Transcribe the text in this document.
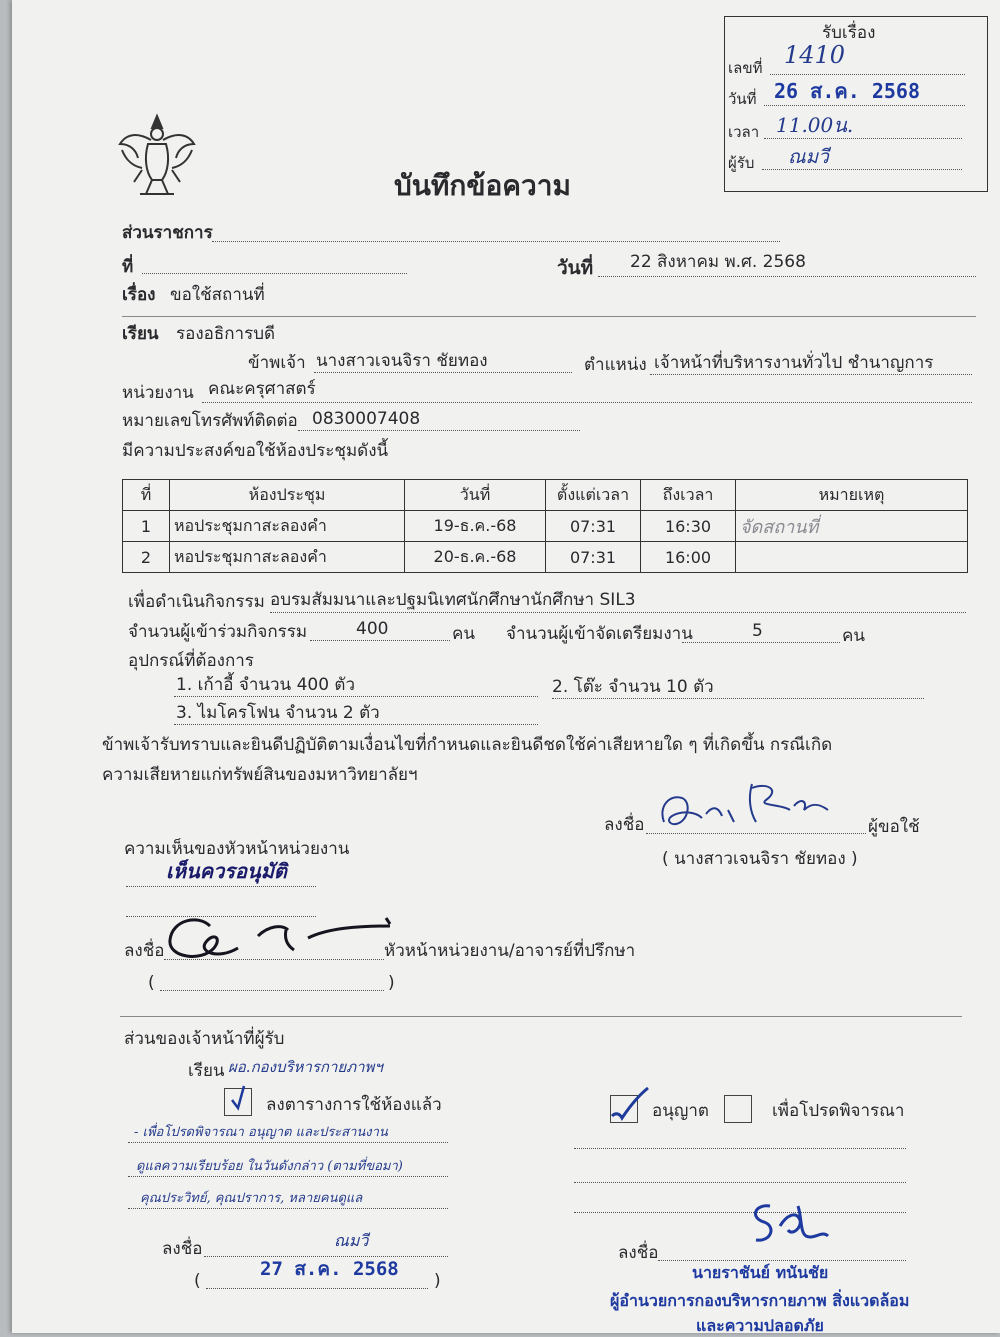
รับเรื่อง
เลขที่ 1410
วันที่ 26 ส.ค. 2568
เวลา 11.00น.
ผู้รับ ณมวี
บันทึกข้อความ
ส่วนราชการ
ที่	วันที่ 22 สิงหาคม พ.ศ. 2568
เรื่อง ขอใช้สถานที่
เรียน รองอธิการบดี
ข้าพเจ้า นางสาวเจนจิรา ชัยทอง	ตำแหน่ง เจ้าหน้าที่บริหารงานทั่วไป ชำนาญการ
หน่วยงาน คณะครุศาสตร์
หมายเลขโทรศัพท์ติดต่อ 0830007408
มีความประสงค์ขอใช้ห้องประชุมดังนี้
ที่	ห้องประชุม	วันที่	ตั้งแต่เวลา	ถึงเวลา	หมายเหตุ
1	หอประชุมกาสะลองคำ	19-ธ.ค.-68	07:31	16:30	จัดสถานที่
2	หอประชุมกาสะลองคำ	20-ธ.ค.-68	07:31	16:00	
เพื่อดำเนินกิจกรรม อบรมสัมมนาและปฐมนิเทศนักศึกษานักศึกษา SIL3
จำนวนผู้เข้าร่วมกิจกรรม	400	คน จำนวนผู้เข้าจัดเตรียมงาน	5	คน
อุปกรณ์ที่ต้องการ
1. เก้าอี้ จำนวน 400 ตัว	2. โต๊ะ จำนวน 10 ตัว
3. ไมโครโฟน จำนวน 2 ตัว
ข้าพเจ้ารับทราบและยินดีปฏิบัติตามเงื่อนไขที่กำหนดและยินดีชดใช้ค่าเสียหายใด ๆ ที่เกิดขึ้น กรณีเกิด
ความเสียหายแก่ทรัพย์สินของมหาวิทยาลัยฯ
ลงชื่อ	ผู้ขอใช้
( นางสาวเจนจิรา ชัยทอง )
ความเห็นของหัวหน้าหน่วยงาน
เห็นควรอนุมัติ
ลงชื่อ	หัวหน้าหน่วยงาน/อาจารย์ที่ปรึกษา
(	)
ส่วนของเจ้าหน้าที่ผู้รับ
เรียน ผอ.กองบริหารกายภาพฯ
ลงตารางการใช้ห้องแล้ว
- เพื่อโปรดพิจารณา อนุญาต และประสานงาน
ดูแลความเรียบร้อย ในวันดังกล่าว (ตามที่ขอมา)
คุณประวิทย์, คุณปราการ, หลายคนดูแล
ลงชื่อ	ณมวี
(
27 ส.ค. 2568
)
อนุญาต	เพื่อโปรดพิจารณา
ลงชื่อ
นายราชันย์ ทนันชัย
ผู้อำนวยการกองบริหารกายภาพ สิ่งแวดล้อม
และความปลอดภัย
